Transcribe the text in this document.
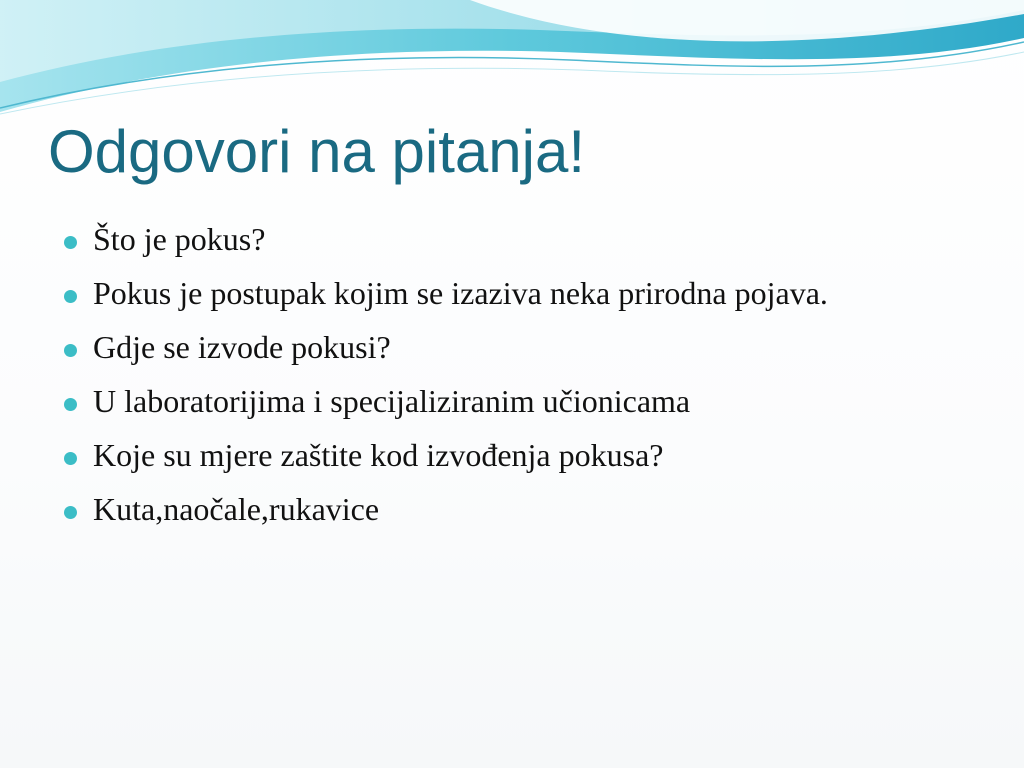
Odgovori na pitanja!
Što je pokus?
Pokus je postupak kojim se izaziva neka prirodna pojava.
Gdje se izvode pokusi?
U laboratorijima i specijaliziranim učionicama
Koje su mjere zaštite kod izvođenja pokusa?
Kuta,naočale,rukavice
